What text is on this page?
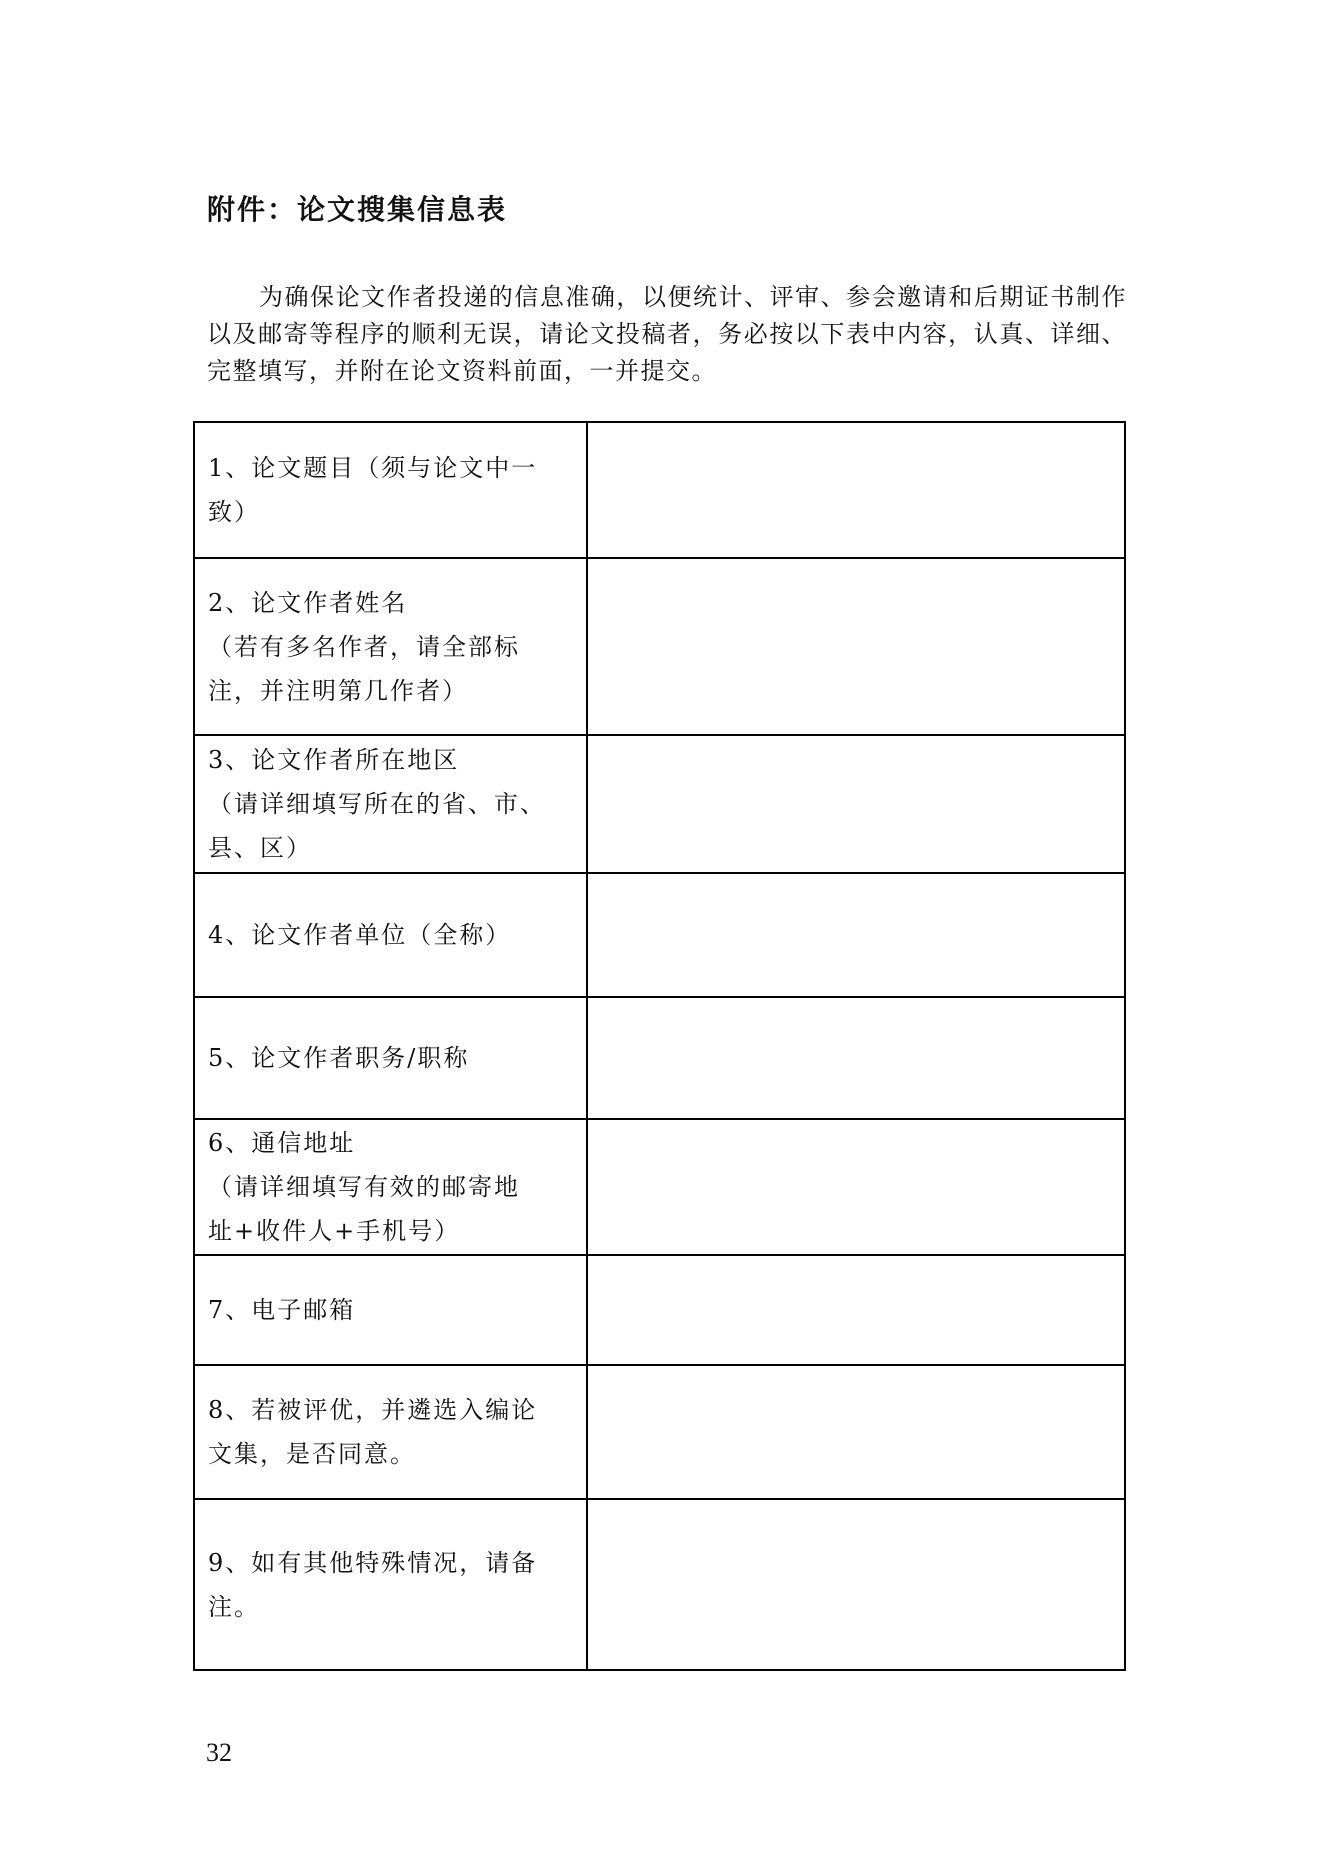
附件：论文搜集信息表

为确保论文作者投递的信息准确，以便统计、评审、参会邀请和后期证书制作以及邮寄等程序的顺利无误，请论文投稿者，务必按以下表中内容，认真、详细、完整填写，并附在论文资料前面，一并提交。

1、论文题目（须与论文中一
致）	

2、论文作者姓名
（若有多名作者，请全部标
注，并注明第几作者）	

3、论文作者所在地区
（请详细填写所在的省、市、
县、区）	

4、论文作者单位（全称）	

5、论文作者职务/职称	

6、通信地址
（请详细填写有效的邮寄地
址+收件人+手机号）	

7、电子邮箱	

8、若被评优，并遴选入编论
文集，是否同意。	

9、如有其他特殊情况，请备
注。	

32
